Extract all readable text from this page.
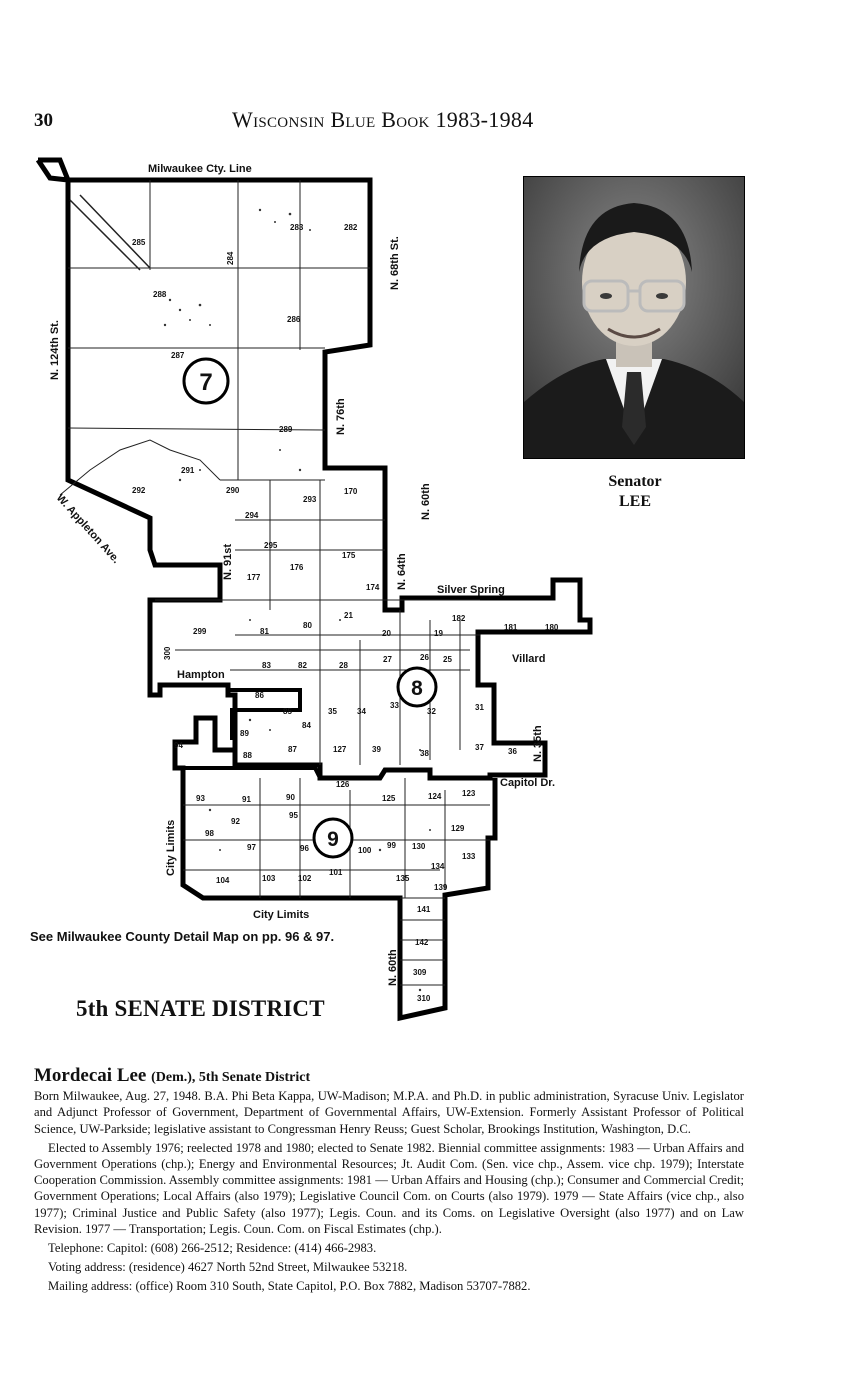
30	Wisconsin Blue Book 1983-1984
7
8
9
Milwaukee Cty. Line
N. 124th St.
N. 68th St.
N. 76th
N. 60th
N. 91st	N. 64th
W. Appleton Ave.
Silver Spring
Villard
Hampton
N. 35th
Capitol Dr.
City Limits
City Limits
N. 60th
285
284
283	282
288
286
287
289
291
292	290
294
293
170
295
176
175
177
174
299	81
80
21
20	19
182
181	180
300
83	82	28
27	26 25
86
85
84
35	34
33
32	31
89
88
87	127	39	38
37	36
94
126
93	91	90	125	124	123
92
95
98
97	96	100
99 130
129
133
104	103	102
101
135
134
139
141
142
309
310
Senator
LEE
See Milwaukee County Detail Map on pp. 96 & 97.
5th SENATE DISTRICT
Mordecai Lee (Dem.), 5th Senate District

Born Milwaukee, Aug. 27, 1948. B.A. Phi Beta Kappa, UW-Madison; M.P.A. and Ph.D. in public administration, Syracuse Univ. Legislator and Adjunct Professor of Government, Department of Governmental Affairs, UW-Extension. Formerly Assistant Professor of Political Science, UW-Parkside; legislative assistant to Congressman Henry Reuss; Guest Scholar, Brookings Institution, Washington, D.C.

Elected to Assembly 1976; reelected 1978 and 1980; elected to Senate 1982. Biennial committee assignments: 1983 — Urban Affairs and Government Operations (chp.); Energy and Environmental Resources; Jt. Audit Com. (Sen. vice chp., Assem. vice chp. 1979); Interstate Cooperation Commission. Assembly committee assignments: 1981 — Urban Affairs and Housing (chp.); Consumer and Commercial Credit; Government Operations; Local Affairs (also 1979); Legislative Council Com. on Courts (also 1979). 1979 — State Affairs (vice chp., also 1977); Criminal Justice and Public Safety (also 1977); Legis. Coun. and its Coms. on Legislative Oversight (also 1977) and on Law Revision. 1977 — Transportation; Legis. Coun. Com. on Fiscal Estimates (chp.).

Telephone: Capitol: (608) 266-2512; Residence: (414) 466-2983.

Voting address: (residence) 4627 North 52nd Street, Milwaukee 53218.

Mailing address: (office) Room 310 South, State Capitol, P.O. Box 7882, Madison 53707-7882.
